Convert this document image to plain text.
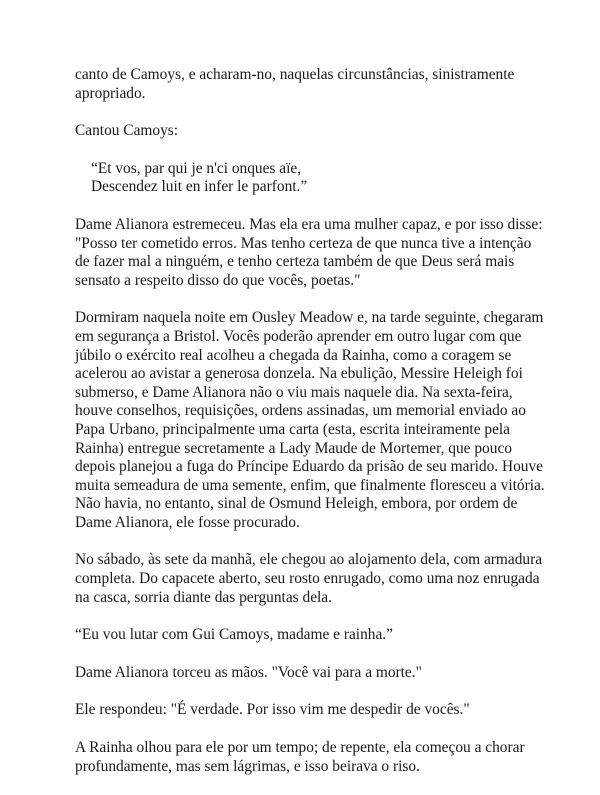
canto de Camoys, e acharam-no, naquelas circunstâncias, sinistramente apropriado.

Cantou Camoys:

“Et vos, par qui je n'ci onques aïe,
Descendez luit en infer le parfont.”

Dame Alianora estremeceu. Mas ela era uma mulher capaz, e por isso disse: "Posso ter cometido erros. Mas tenho certeza de que nunca tive a intenção de fazer mal a ninguém, e tenho certeza também de que Deus será mais sensato a respeito disso do que vocês, poetas."

Dormiram naquela noite em Ousley Meadow e, na tarde seguinte, chegaram em segurança a Bristol. Vocês poderão aprender em outro lugar com que júbilo o exército real acolheu a chegada da Rainha, como a coragem se acelerou ao avistar a generosa donzela. Na ebulição, Messire Heleigh foi submerso, e Dame Alianora não o viu mais naquele dia. Na sexta-feira, houve conselhos, requisições, ordens assinadas, um memorial enviado ao Papa Urbano, principalmente uma carta (esta, escrita inteiramente pela Rainha) entregue secretamente a Lady Maude de Mortemer, que pouco depois planejou a fuga do Príncipe Eduardo da prisão de seu marido. Houve muita semeadura de uma semente, enfim, que finalmente floresceu a vitória. Não havia, no entanto, sinal de Osmund Heleigh, embora, por ordem de Dame Alianora, ele fosse procurado.

No sábado, às sete da manhã, ele chegou ao alojamento dela, com armadura completa. Do capacete aberto, seu rosto enrugado, como uma noz enrugada na casca, sorria diante das perguntas dela.

“Eu vou lutar com Gui Camoys, madame e rainha.”

Dame Alianora torceu as mãos. "Você vai para a morte."

Ele respondeu: "É verdade. Por isso vim me despedir de vocês."

A Rainha olhou para ele por um tempo; de repente, ela começou a chorar profundamente, mas sem lágrimas, e isso beirava o riso.
